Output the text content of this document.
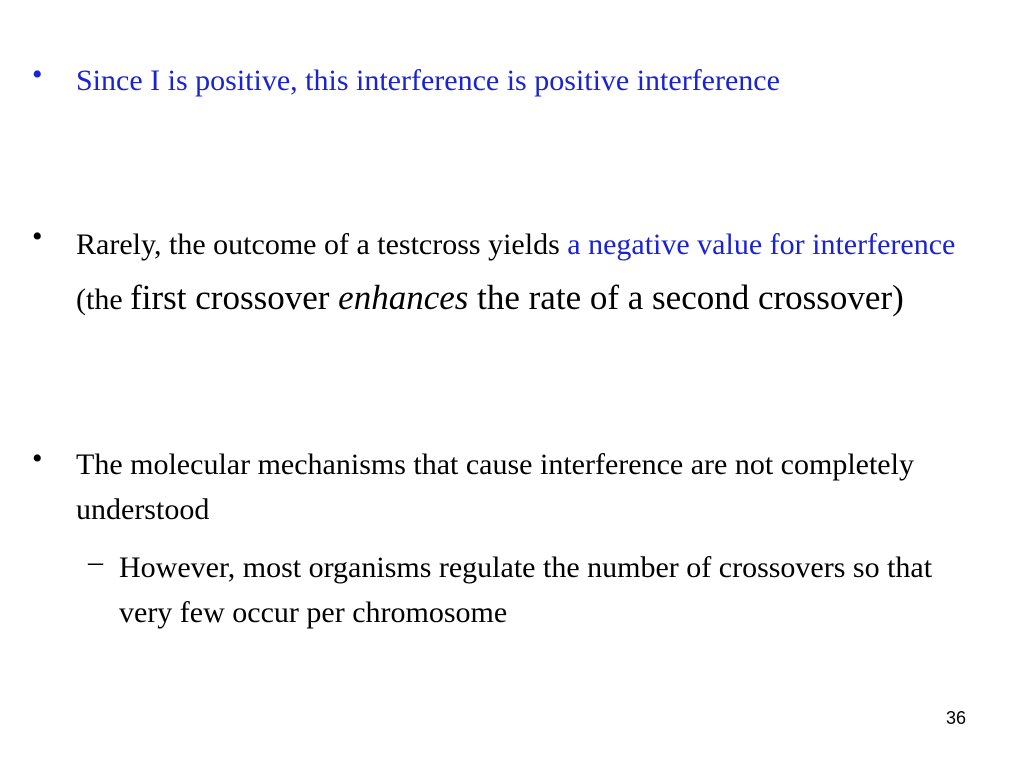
• Since I is positive, this interference is positive interference
• Rarely, the outcome of a testcross yields a negative value for interference (the first crossover enhances the rate of a second crossover)
• The molecular mechanisms that cause interference are not completely understood
– However, most organisms regulate the number of crossovers so that very few occur per chromosome
36
